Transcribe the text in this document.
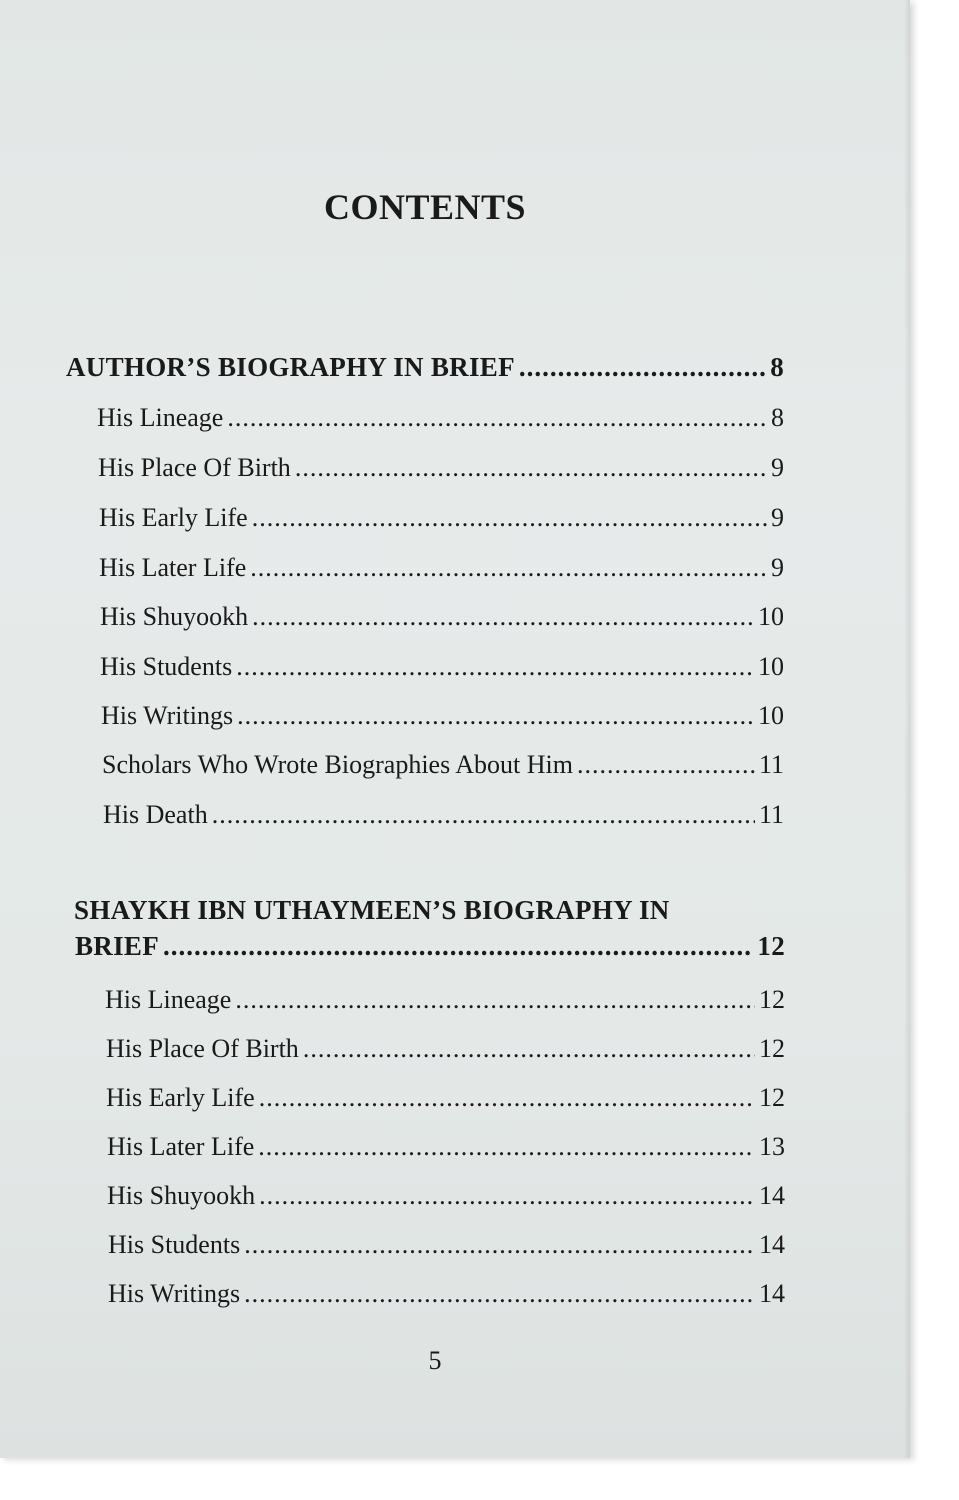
CONTENTS
AUTHOR’S BIOGRAPHY IN BRIEF .....	8
His Lineage .....	8
His Place Of Birth .....	9
His Early Life .....	9
His Later Life .....	9
His Shuyookh .....	10
His Students .....	10
His Writings .....	10
Scholars Who Wrote Biographies About Him .....	11
His Death .....	11
SHAYKH IBN UTHAYMEEN’S BIOGRAPHY IN
BRIEF .....	12
His Lineage .....	12
His Place Of Birth .....	12
His Early Life .....	12
His Later Life .....	13
His Shuyookh .....	14
His Students .....	14
His Writings .....	14
5
